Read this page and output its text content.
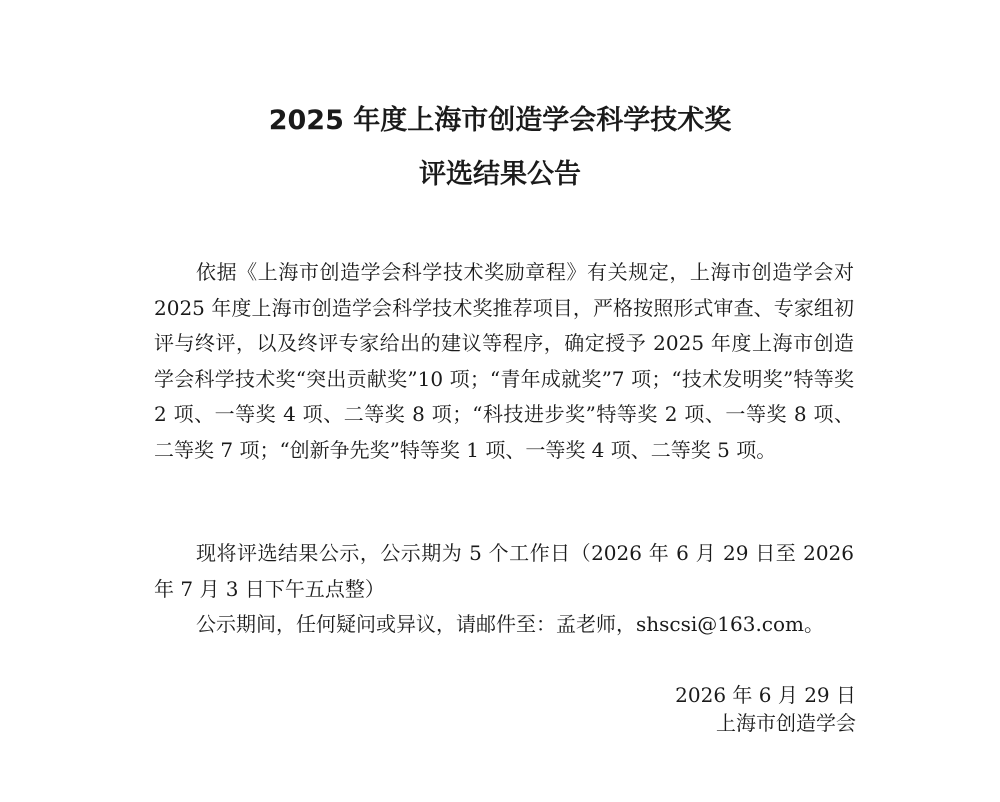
2025 年度上海市创造学会科学技术奖
评选结果公告
依据《上海市创造学会科学技术奖励章程》有关规定，上海市创造学会对 2025 年度上海市创造学会科学技术奖推荐项目，严格按照形式审查、专家组初评与终评，以及终评专家给出的建议等程序，确定授予 2025 年度上海市创造学会科学技术奖“突出贡献奖”10 项；“青年成就奖”7 项；“技术发明奖”特等奖 2 项、一等奖 4 项、二等奖 8 项；“科技进步奖”特等奖 2 项、一等奖 8 项、二等奖 7 项；“创新争先奖”特等奖 1 项、一等奖 4 项、二等奖 5 项。
现将评选结果公示，公示期为 5 个工作日（2026 年 6 月 29 日至 2026 年 7 月 3 日下午五点整）
公示期间，任何疑问或异议，请邮件至：孟老师，shscsi@163.com。
2026 年 6 月 29 日
上海市创造学会
